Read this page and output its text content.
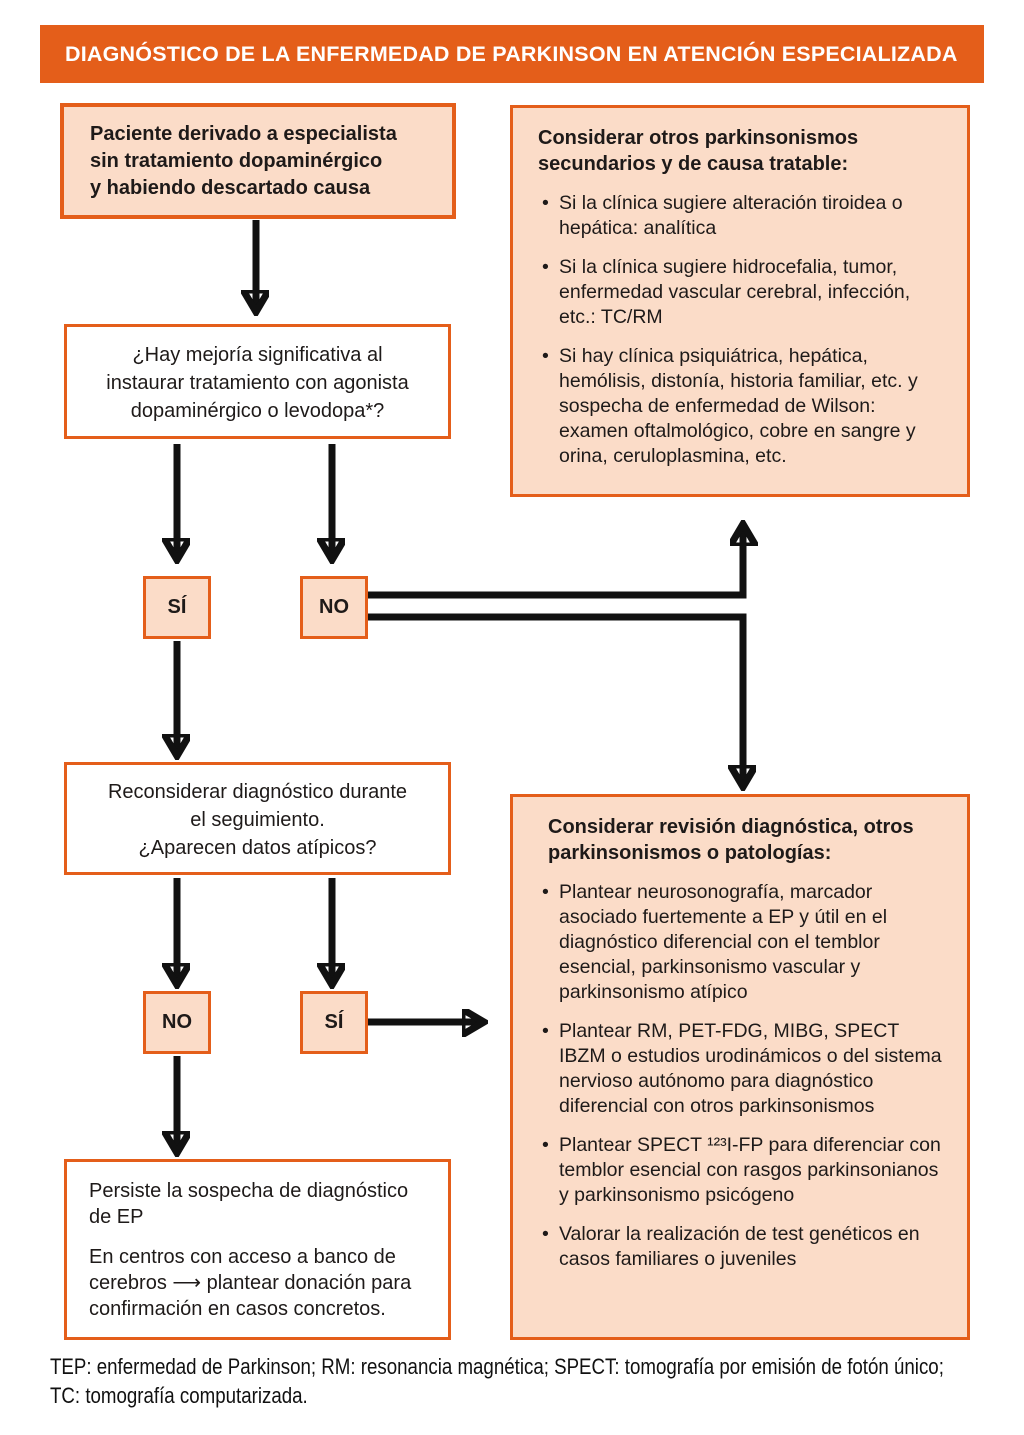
DIAGNÓSTICO DE LA ENFERMEDAD DE PARKINSON EN ATENCIÓN ESPECIALIZADA
Paciente derivado a especialista
sin tratamiento dopaminérgico
y habiendo descartado causa
¿Hay mejoría significativa al
instaurar tratamiento con agonista
dopaminérgico o levodopa*?
SÍ	NO
Reconsiderar diagnóstico durante
el seguimiento.
¿Aparecen datos atípicos?
NO	SÍ

Persiste la sospecha de diagnóstico de EP

En centros con acceso a banco de cerebros ⟶ plantear donación para confirmación en casos concretos.

Considerar otros parkinsonismos secundarios y de causa tratable:

• Si la clínica sugiere alteración tiroidea o hepática: analítica
• Si la clínica sugiere hidrocefalia, tumor, enfermedad vascular cerebral, infección, etc.: TC/RM
• Si hay clínica psiquiátrica, hepática, hemólisis, distonía, historia familiar, etc. y sospecha de enfermedad de Wilson: examen oftalmológico, cobre en sangre y orina, ceruloplasmina, etc.

Considerar revisión diagnóstica, otros parkinsonismos o patologías:

• Plantear neurosonografía, marcador asociado fuertemente a EP y útil en el diagnóstico diferencial con el temblor esencial, parkinsonismo vascular y parkinsonismo atípico
• Plantear RM, PET-FDG, MIBG, SPECT IBZM o estudios urodinámicos o del sistema nervioso autónomo para diagnóstico diferencial con otros parkinsonismos
• Plantear SPECT ¹²³I-FP para diferenciar con temblor esencial con rasgos parkinsonianos y parkinsonismo psicógeno
• Valorar la realización de test genéticos en casos familiares o juveniles
TEP: enfermedad de Parkinson; RM: resonancia magnética; SPECT: tomografía por emisión de fotón único;
TC: tomografía computarizada.
